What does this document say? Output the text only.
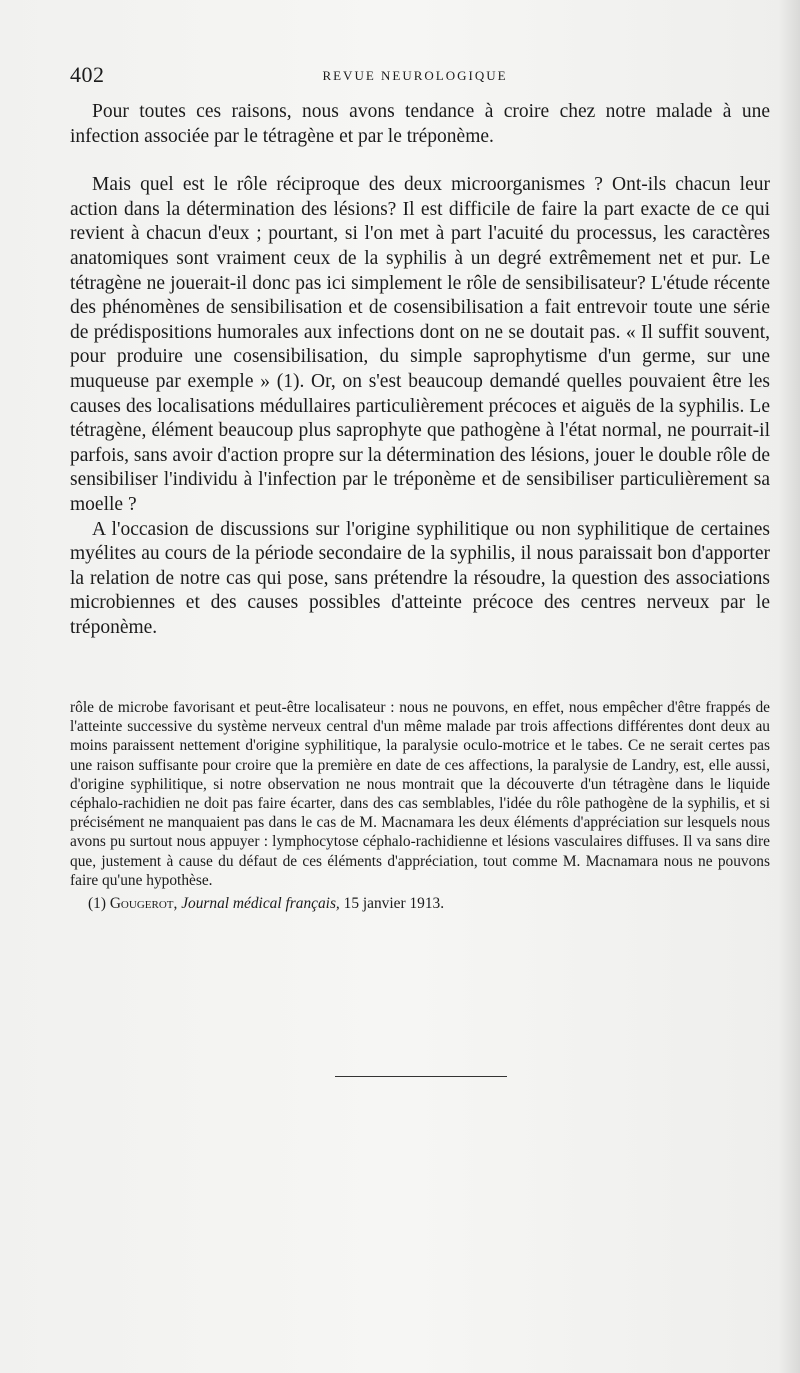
402	REVUE NEUROLOGIQUE

Pour toutes ces raisons, nous avons tendance à croire chez notre malade à une infection associée par le tétragène et par le tréponème.

Mais quel est le rôle réciproque des deux microorganismes ? Ont-ils chacun leur action dans la détermination des lésions? Il est difficile de faire la part exacte de ce qui revient à chacun d'eux ; pourtant, si l'on met à part l'acuité du processus, les caractères anatomiques sont vraiment ceux de la syphilis à un degré extrêmement net et pur. Le tétragène ne jouerait-il donc pas ici simplement le rôle de sensibilisateur? L'étude récente des phénomènes de sensibilisation et de cosensibilisation a fait entrevoir toute une série de prédispositions humorales aux infections dont on ne se doutait pas. « Il suffit souvent, pour produire une cosensibilisation, du simple saprophytisme d'un germe, sur une muqueuse par exemple » (1). Or, on s'est beaucoup demandé quelles pouvaient être les causes des localisations médullaires particulièrement précoces et aiguës de la syphilis. Le tétragène, élément beaucoup plus saprophyte que pathogène à l'état normal, ne pourrait-il parfois, sans avoir d'action propre sur la détermination des lésions, jouer le double rôle de sensibiliser l'individu à l'infection par le tréponème et de sensibiliser particulièrement sa moelle ?

A l'occasion de discussions sur l'origine syphilitique ou non syphilitique de certaines myélites au cours de la période secondaire de la syphilis, il nous paraissait bon d'apporter la relation de notre cas qui pose, sans prétendre la résoudre, la question des associations microbiennes et des causes possibles d'atteinte précoce des centres nerveux par le tréponème.

rôle de microbe favorisant et peut-être localisateur : nous ne pouvons, en effet, nous empêcher d'être frappés de l'atteinte successive du système nerveux central d'un même malade par trois affections différentes dont deux au moins paraissent nettement d'origine syphilitique, la paralysie oculo-motrice et le tabes. Ce ne serait certes pas une raison suffisante pour croire que la première en date de ces affections, la paralysie de Landry, est, elle aussi, d'origine syphilitique, si notre observation ne nous montrait que la découverte d'un tétragène dans le liquide céphalo-rachidien ne doit pas faire écarter, dans des cas semblables, l'idée du rôle pathogène de la syphilis, et si précisément ne manquaient pas dans le cas de M. Macnamara les deux éléments d'appréciation sur lesquels nous avons pu surtout nous appuyer : lymphocytose céphalo-rachidienne et lésions vasculaires diffuses. Il va sans dire que, justement à cause du défaut de ces éléments d'appréciation, tout comme M. Macnamara nous ne pouvons faire qu'une hypothèse.

(1) Gougerot, Journal médical français, 15 janvier 1913.
